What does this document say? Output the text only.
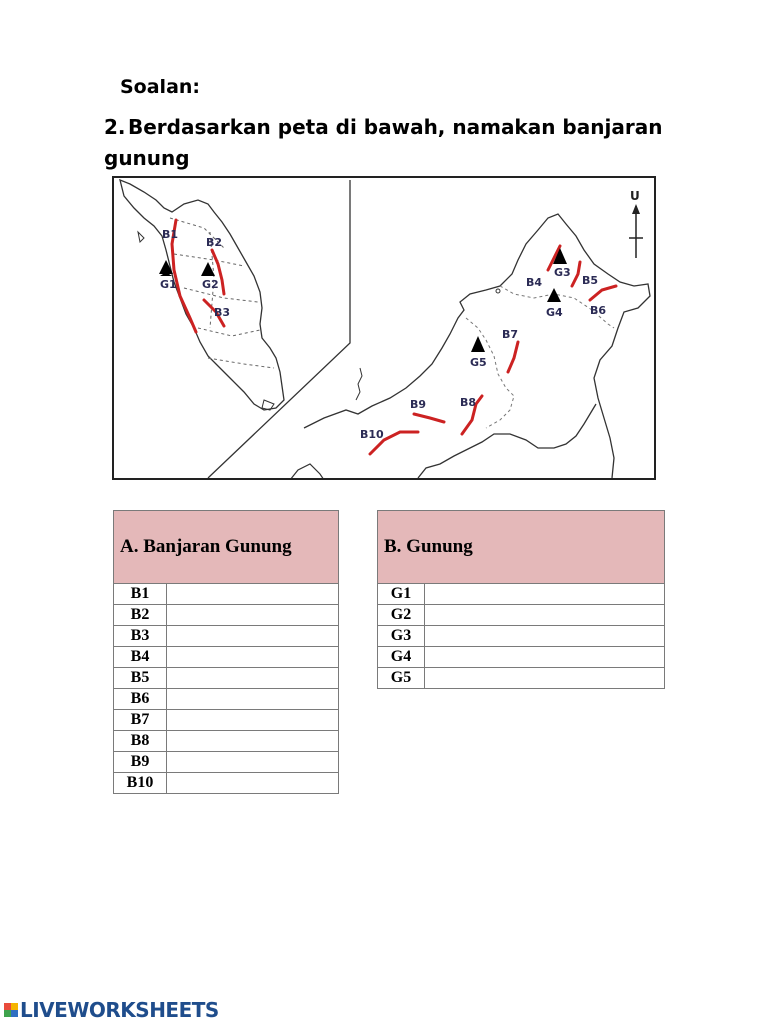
Soalan:
2. Berdasarkan peta di bawah, namakan banjaran gunung
U
B1
B2
B3
B4	B5
B6
B7
B8
B9
B10
G1 G2
G3
G4
G5
A. Banjaran Gunung	
B1	
B2	
B3	
B4	
B5	
B6	
B7	
B8	
B9	
B10	
B. Gunung	
G1	
G2	
G3	
G4	
G5	
LIVEWORKSHEETS
